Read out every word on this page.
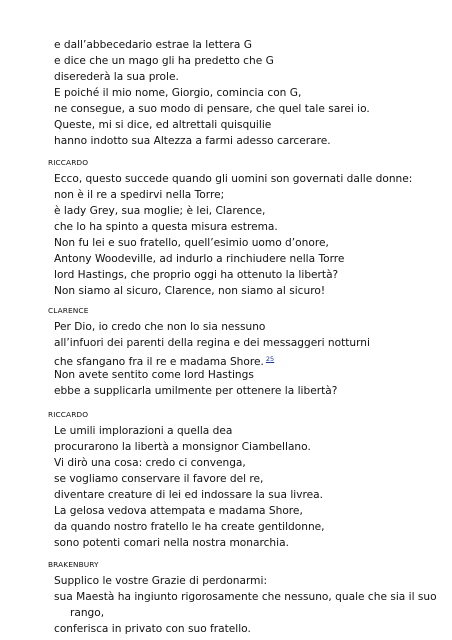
e dall’abbecedario estrae la lettera G
e dice che un mago gli ha predetto che G
diserederà la sua prole.
E poiché il mio nome, Giorgio, comincia con G,
ne consegue, a suo modo di pensare, che quel tale sarei io.
Queste, mi si dice, ed altrettali quisquilie
hanno indotto sua Altezza a farmi adesso carcerare.
RICCARDO
Ecco, questo succede quando gli uomini son governati dalle donne:
non è il re a spedirvi nella Torre;
è lady Grey, sua moglie; è lei, Clarence,
che lo ha spinto a questa misura estrema.
Non fu lei e suo fratello, quell’esimio uomo d’onore,
Antony Woodeville, ad indurlo a rinchiudere nella Torre
lord Hastings, che proprio oggi ha ottenuto la libertà?
Non siamo al sicuro, Clarence, non siamo al sicuro!
CLARENCE
Per Dio, io credo che non lo sia nessuno
all’infuori dei parenti della regina e dei messaggeri notturni
che sfangano fra il re e madama Shore. $^{25}$
Non avete sentito come lord Hastings
ebbe a supplicarla umilmente per ottenere la libertà?
RICCARDO
Le umili implorazioni a quella dea
procurarono la libertà a monsignor Ciambellano.
Vi dirò una cosa: credo ci convenga,
se vogliamo conservare il favore del re,
diventare creature di lei ed indossare la sua livrea.
La gelosa vedova attempata e madama Shore,
da quando nostro fratello le ha create gentildonne,
sono potenti comari nella nostra monarchia.
BRAKENBURY
Supplico le vostre Grazie di perdonarmi:
sua Maestà ha ingiunto rigorosamente che nessuno, quale che sia il suo
rango,
conferisca in privato con suo fratello.
